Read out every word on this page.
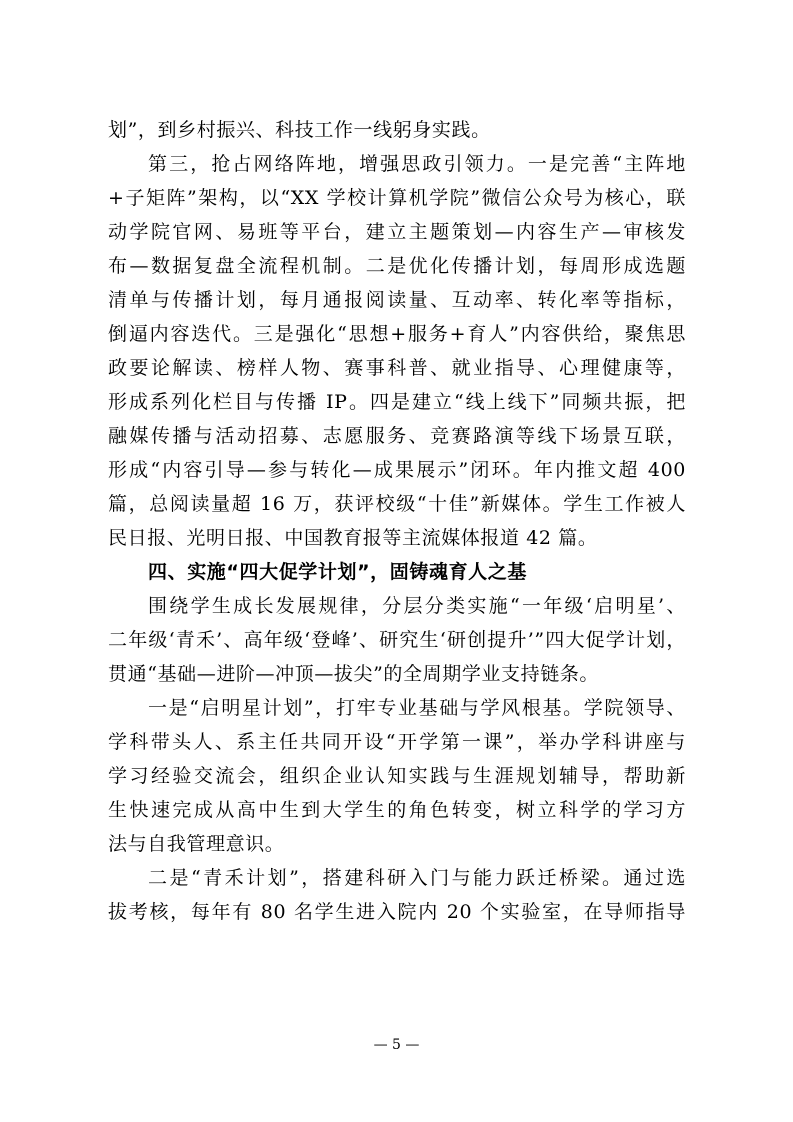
划”，到乡村振兴、科技工作一线躬身实践。
第三，抢占网络阵地，增强思政引领力。一是完善“主阵地
+子矩阵”架构，以“XX 学校计算机学院”微信公众号为核心，联
动学院官网、易班等平台，建立主题策划—内容生产—审核发
布—数据复盘全流程机制。二是优化传播计划，每周形成选题
清单与传播计划，每月通报阅读量、互动率、转化率等指标，
倒逼内容迭代。三是强化“思想+服务+育人”内容供给，聚焦思
政要论解读、榜样人物、赛事科普、就业指导、心理健康等，
形成系列化栏目与传播 IP。四是建立“线上线下”同频共振，把
融媒传播与活动招募、志愿服务、竞赛路演等线下场景互联，
形成“内容引导—参与转化—成果展示”闭环。年内推文超 400
篇，总阅读量超 16 万，获评校级“十佳”新媒体。学生工作被人
民日报、光明日报、中国教育报等主流媒体报道 42 篇。
四、实施“四大促学计划”，固铸魂育人之基
围绕学生成长发展规律，分层分类实施“一年级‘启明星’、
二年级‘青禾’、高年级‘登峰’、研究生‘研创提升’”四大促学计划，
贯通“基础—进阶—冲顶—拔尖”的全周期学业支持链条。
一是“启明星计划”，打牢专业基础与学风根基。学院领导、
学科带头人、系主任共同开设“开学第一课”，举办学科讲座与
学习经验交流会，组织企业认知实践与生涯规划辅导，帮助新
生快速完成从高中生到大学生的角色转变，树立科学的学习方
法与自我管理意识。
二是“青禾计划”，搭建科研入门与能力跃迁桥梁。通过选
拔考核，每年有 80 名学生进入院内 20 个实验室，在导师指导
— 5 —
